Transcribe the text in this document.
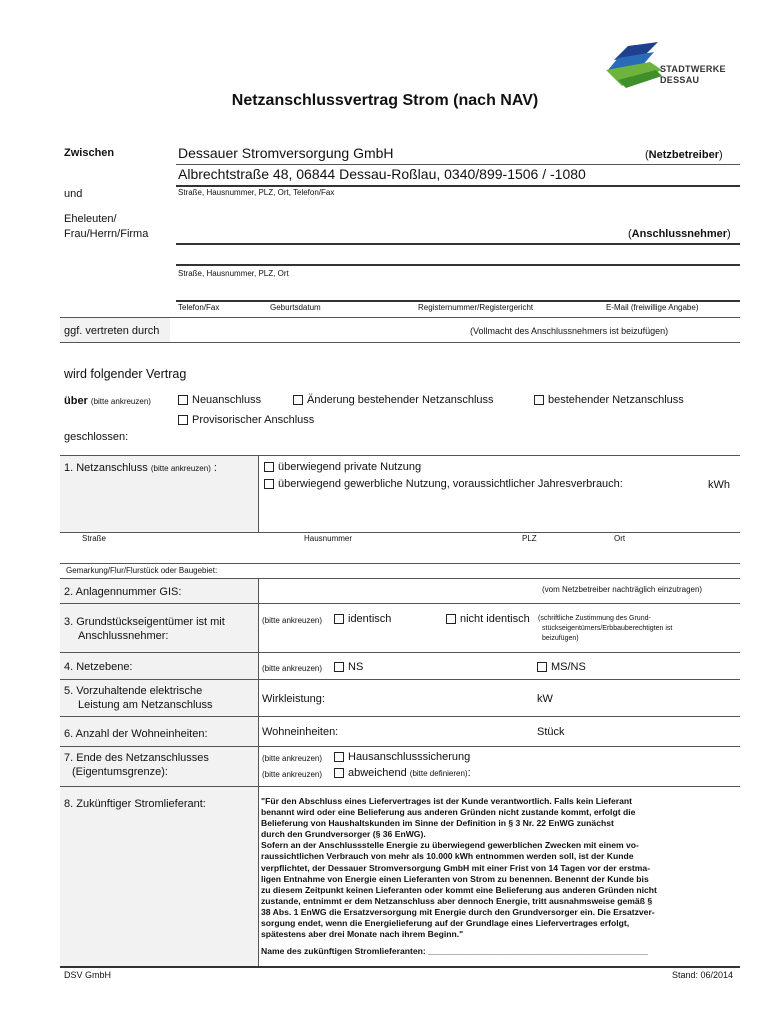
STADTWERKE
DESSAU
Netzanschlussvertrag Strom (nach NAV)
Zwischen	Dessauer Stromversorgung GmbH	(Netzbetreiber)
Albrechtstraße 48, 06844 Dessau-Roßlau, 0340/899-1506 / -1080
Straße, Hausnummer, PLZ, Ort, Telefon/Fax
und
Eheleuten/
Frau/Herrn/Firma	(Anschlussnehmer)
Straße, Hausnummer, PLZ, Ort
Telefon/Fax	Geburtsdatum	Registernummer/Registergericht	E-Mail (freiwillige Angabe)
ggf. vertreten durch	(Vollmacht des Anschlussnehmers ist beizufügen)
wird folgender Vertrag
über (bitte ankreuzen)	Neuanschluss	Änderung bestehender Netzanschluss	bestehender Netzanschluss
Provisorischer Anschluss
geschlossen:
1. Netzanschluss (bitte ankreuzen) :	überwiegend private Nutzung
überwiegend gewerbliche Nutzung, voraussichtlicher Jahresverbrauch:	kWh
Straße	Hausnummer	PLZ	Ort
Gemarkung/Flur/Flurstück oder Baugebiet:
2. Anlagennummer GIS:	(vom Netzbetreiber nachträglich einzutragen)
3. Grundstückseigentümer ist mit
Anschlussnehmer:
(bitte ankreuzen) identisch	nicht identisch (schriftliche Zustimmung des Grund-
stückseigentümers/Erbbauberechtigten ist
beizufügen)
4. Netzebene:	(bitte ankreuzen) NS	MS/NS
5. Vorzuhaltende elektrische
Leistung am Netzanschluss	Wirkleistung:	kW
6. Anzahl der Wohneinheiten:	Wohneinheiten:	Stück
7. Ende des Netzanschlusses
(Eigentumsgrenze):
(bitte ankreuzen) Hausanschlusssicherung
(bitte ankreuzen) abweichend
(bitte definieren) :
8. Zukünftiger Stromlieferant:	"Für den Abschluss eines Liefervertrages ist der Kunde verantwortlich. Falls kein Lieferant
benannt wird oder eine Belieferung aus anderen Gründen nicht zustande kommt, erfolgt die
Belieferung von Haushaltskunden im Sinne der Definition in § 3 Nr. 22 EnWG zunächst
durch den Grundversorger (§ 36 EnWG).
Sofern an der Anschlussstelle Energie zu überwiegend gewerblichen Zwecken mit einem vo-
raussichtlichen Verbrauch von mehr als 10.000 kWh entnommen werden soll, ist der Kunde
verpflichtet, der Dessauer Stromversorgung GmbH mit einer Frist von 14 Tagen vor der erstma-
ligen Entnahme von Energie einen Lieferanten von Strom zu benennen. Benennt der Kunde bis
zu diesem Zeitpunkt keinen Lieferanten oder kommt eine Belieferung aus anderen Gründen nicht
zustande, entnimmt er dem Netzanschluss aber dennoch Energie, tritt ausnahmsweise gemäß §
38 Abs. 1 EnWG die Ersatzversorgung mit Energie durch den Grundversorger ein. Die Ersatzver-
sorgung endet, wenn die Energielieferung auf der Grundlage eines Liefervertrages erfolgt,
spätestens aber drei Monate nach ihrem Beginn."
Name des zukünftigen Stromlieferanten: ______________________________________________
DSV GmbH	Stand: 06/2014
